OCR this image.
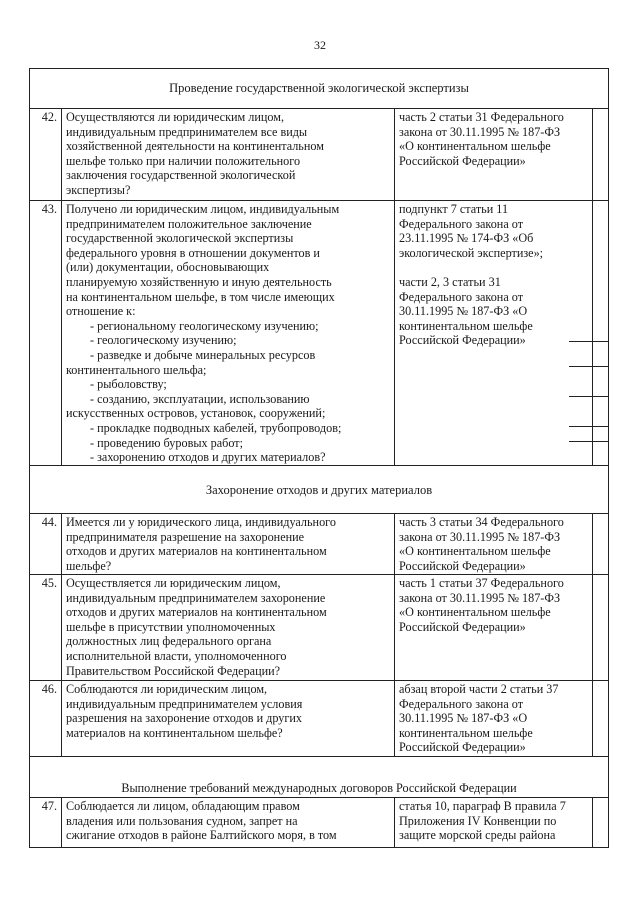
32
Проведение государственной экологической экспертизы
42. Осуществляются ли юридическим лицом,
индивидуальным предпринимателем все виды
хозяйственной деятельности на континентальном
шельфе только при наличии положительного
заключения государственной экологической
экспертизы?
часть 2 статьи 31 Федерального
закона от 30.11.1995 № 187-ФЗ
«О континентальном шельфе
Российской Федерации»
43. Получено ли юридическим лицом, индивидуальным
предпринимателем положительное заключение
государственной экологической экспертизы
федерального уровня в отношении документов и
(или) документации, обосновывающих
планируемую хозяйственную и иную деятельность
на континентальном шельфе, в том числе имеющих
отношение к:
- региональному геологическому изучению;
- геологическому изучению;
- разведке и добыче минеральных ресурсов
континентального шельфа;
- рыболовству;
- созданию, эксплуатации, использованию
искусственных островов, установок, сооружений;
- прокладке подводных кабелей, трубопроводов;
- проведению буровых работ;
- захоронению отходов и других материалов?
подпункт 7 статьи 11
Федерального закона от
23.11.1995 № 174-ФЗ «Об
экологической экспертизе»;
части 2, 3 статьи 31
Федерального закона от
30.11.1995 № 187-ФЗ «О
континентальном шельфе
Российской Федерации»
Захоронение отходов и других материалов
44. Имеется ли у юридического лица, индивидуального
предпринимателя разрешение на захоронение
отходов и других материалов на континентальном
шельфе?
часть 3 статьи 34 Федерального
закона от 30.11.1995 № 187-ФЗ
«О континентальном шельфе
Российской Федерации»
45. Осуществляется ли юридическим лицом,
индивидуальным предпринимателем захоронение
отходов и других материалов на континентальном
шельфе в присутствии уполномоченных
должностных лиц федерального органа
исполнительной власти, уполномоченного
Правительством Российской Федерации?
часть 1 статьи 37 Федерального
закона от 30.11.1995 № 187-ФЗ
«О континентальном шельфе
Российской Федерации»
46. Соблюдаются ли юридическим лицом,
индивидуальным предпринимателем условия
разрешения на захоронение отходов и других
материалов на континентальном шельфе?
абзац второй части 2 статьи 37
Федерального закона от
30.11.1995 № 187-ФЗ «О
континентальном шельфе
Российской Федерации»
Выполнение требований международных договоров Российской Федерации
47. Соблюдается ли лицом, обладающим правом
владения или пользования судном, запрет на
сжигание отходов в районе Балтийского моря, в том
статья 10, параграф B правила 7
Приложения IV Конвенции по
защите морской среды района
